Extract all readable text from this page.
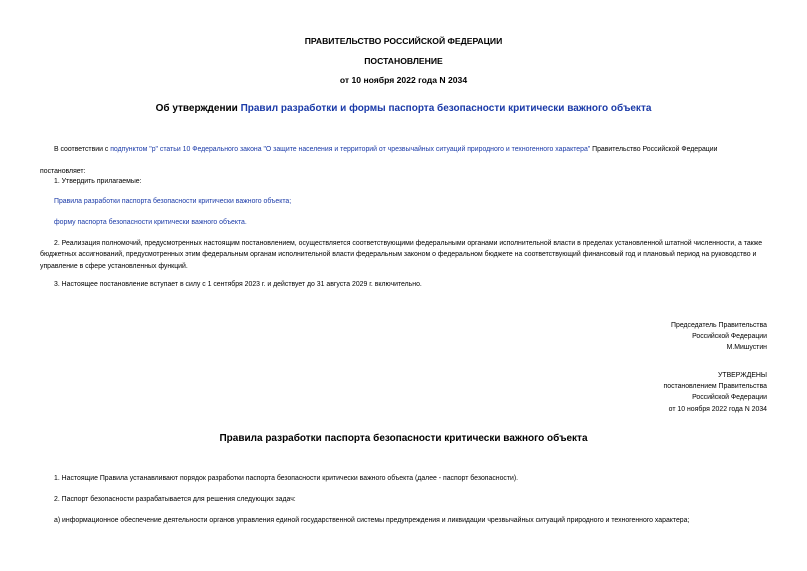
ПРАВИТЕЛЬСТВО РОССИЙСКОЙ ФЕДЕРАЦИИ
ПОСТАНОВЛЕНИЕ
от 10 ноября 2022 года N 2034
Об утверждении Правил разработки и формы паспорта безопасности критически важного объекта
В соответствии с подпунктом "р" статьи 10 Федерального закона "О защите населения и территорий от чрезвычайных ситуаций природного и техногенного характера" Правительство Российской Федерации
постановляет:
1. Утвердить прилагаемые:
Правила разработки паспорта безопасности критически важного объекта;
форму паспорта безопасности критически важного объекта.
2. Реализация полномочий, предусмотренных настоящим постановлением, осуществляется соответствующими федеральными органами исполнительной власти в пределах установленной штатной численности, а также бюджетных ассигнований, предусмотренных этим федеральным органам исполнительной власти федеральным законом о федеральном бюджете на соответствующий финансовый год и плановый период на руководство и управление в сфере установленных функций.
3. Настоящее постановление вступает в силу с 1 сентября 2023 г. и действует до 31 августа 2029 г. включительно.
Председатель Правительства
Российской Федерации
М.Мишустин
УТВЕРЖДЕНЫ
постановлением Правительства
Российской Федерации
от 10 ноября 2022 года N 2034
Правила разработки паспорта безопасности критически важного объекта
1. Настоящие Правила устанавливают порядок разработки паспорта безопасности критически важного объекта (далее - паспорт безопасности).
2. Паспорт безопасности разрабатывается для решения следующих задач:
а) информационное обеспечение деятельности органов управления единой государственной системы предупреждения и ликвидации чрезвычайных ситуаций природного и техногенного характера;
